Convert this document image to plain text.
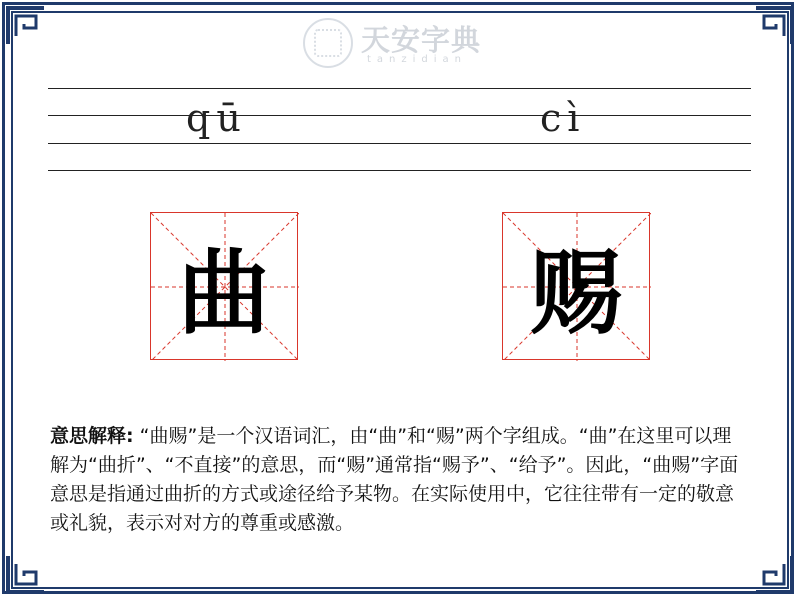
天安字典
tanzidian
qū	cì
曲	赐
意思解释: “曲赐”是一个汉语词汇，由“曲”和“赐”两个字组成。“曲”在这里可以理解为“曲折”、“不直接”的意思，而“赐”通常指“赐予”、“给予”。因此，“曲赐”字面意思是指通过曲折的方式或途径给予某物。在实际使用中，它往往带有一定的敬意或礼貌，表示对对方的尊重或感激。
